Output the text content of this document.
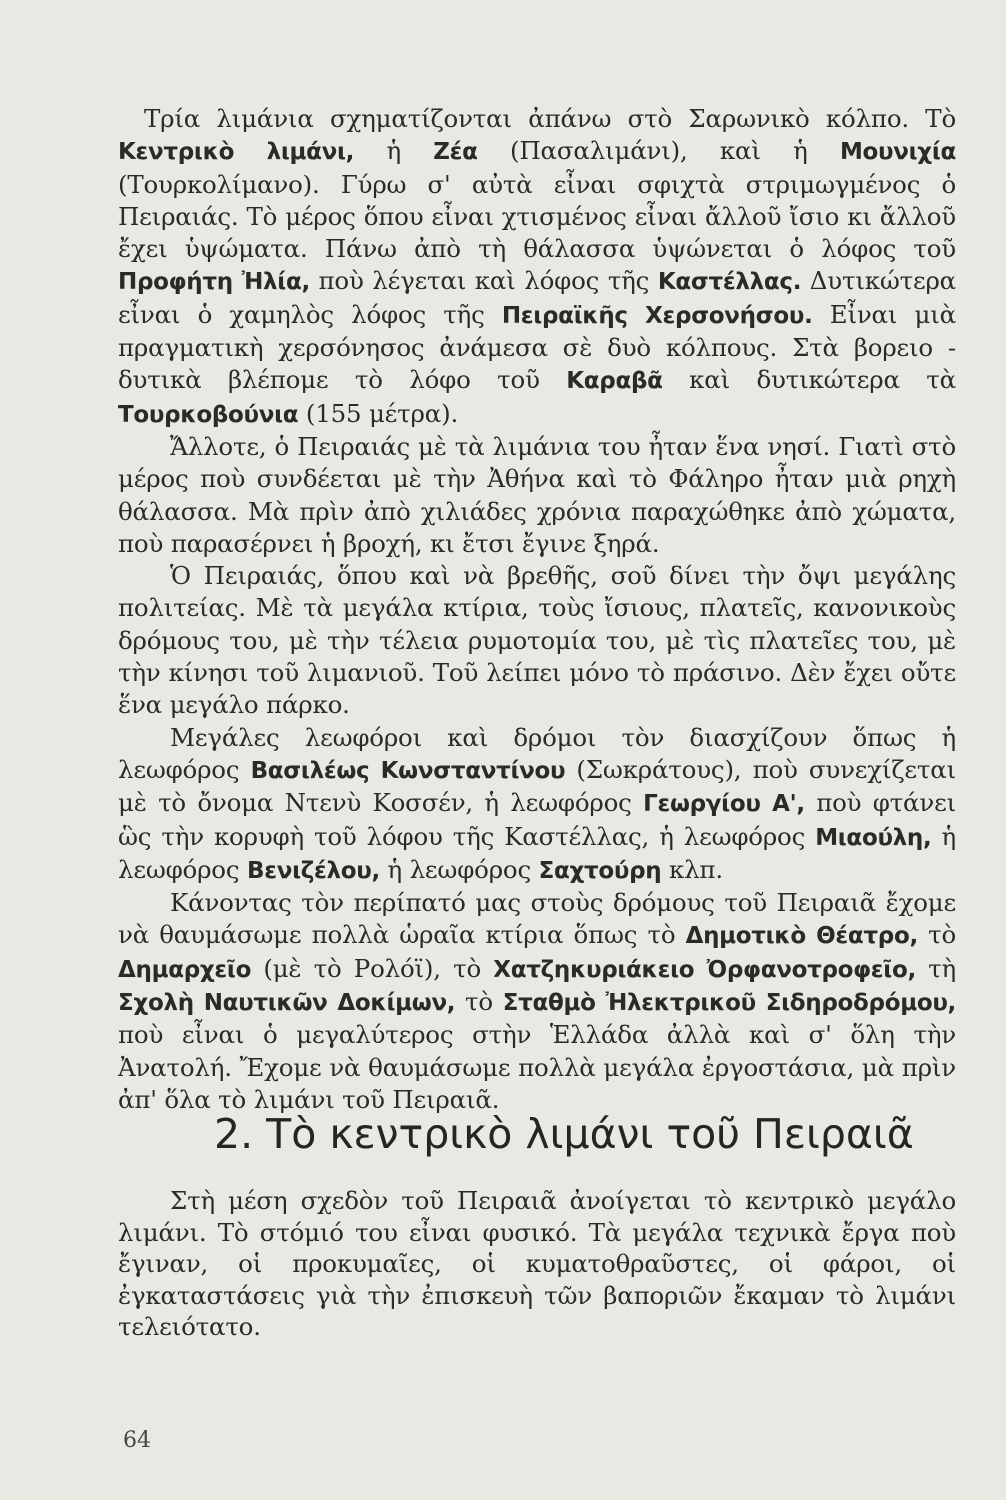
Τρία λιμάνια σχηματίζονται ἀπάνω στὸ Σαρωνικὸ κόλπο. Τὸ Κεντρικὸ λιμάνι, ἡ Ζέα (Πασαλιμάνι), καὶ ἡ Μουνιχία (Τουρκολίμανο). Γύρω σ' αὐτὰ εἶναι σφιχτὰ στριμωγμένος ὁ Πειραιάς. Τὸ μέρος ὅπου εἶναι χτισμένος εἶναι ἄλλοῦ ἴσιο κι ἄλλοῦ ἔχει ὑψώματα. Πάνω ἀπὸ τὴ θάλασσα ὑψώνεται ὁ λόφος τοῦ Προφήτη Ἠλία, ποὺ λέγεται καὶ λόφος τῆς Καστέλλας. Δυτικώτερα εἶναι ὁ χαμηλὸς λόφος τῆς Πειραϊκῆς Χερσονήσου. Εἶναι μιὰ πραγματικὴ χερσόνησος ἀνάμεσα σὲ δυὸ κόλπους. Στὰ βορειο - δυτικὰ βλέπομε τὸ λόφο τοῦ Καραβᾶ καὶ δυτικώτερα τὰ Τουρκοβούνια (155 μέτρα).

Ἄλλοτε, ὁ Πειραιάς μὲ τὰ λιμάνια του ἦταν ἕνα νησί. Γιατὶ στὸ μέρος ποὺ συνδέεται μὲ τὴν Ἀθήνα καὶ τὸ Φάληρο ἦταν μιὰ ρηχὴ θάλασσα. Μὰ πρὶν ἀπὸ χιλιάδες χρόνια παραχώθηκε ἀπὸ χώματα, ποὺ παρασέρνει ἡ βροχή, κι ἔτσι ἔγινε ξηρά.

Ὁ Πειραιάς, ὅπου καὶ νὰ βρεθῆς, σοῦ δίνει τὴν ὄψι μεγάλης πολιτείας. Μὲ τὰ μεγάλα κτίρια, τοὺς ἴσιους, πλατεῖς, κανονικοὺς δρόμους του, μὲ τὴν τέλεια ρυμοτομία του, μὲ τὶς πλατεῖες του, μὲ τὴν κίνησι τοῦ λιμανιοῦ. Τοῦ λείπει μόνο τὸ πράσινο. Δὲν ἔχει οὔτε ἕνα μεγάλο πάρκο.

Μεγάλες λεωφόροι καὶ δρόμοι τὸν διασχίζουν ὅπως ἡ λεωφόρος Βασιλέως Κωνσταντίνου (Σωκράτους), ποὺ συνεχίζεται μὲ τὸ ὄνομα Ντενὺ Κοσσέν, ἡ λεωφόρος Γεωργίου Α', ποὺ φτάνει ὣς τὴν κορυφὴ τοῦ λόφου τῆς Καστέλλας, ἡ λεωφόρος Μιαούλη, ἡ λεωφόρος Βενιζέλου, ἡ λεωφόρος Σαχτούρη κλπ.

Κάνοντας τὸν περίπατό μας στοὺς δρόμους τοῦ Πειραιᾶ ἔχομε νὰ θαυμάσωμε πολλὰ ὡραῖα κτίρια ὅπως τὸ Δημοτικὸ Θέατρο, τὸ Δημαρχεῖο (μὲ τὸ Ρολόϊ), τὸ Χατζηκυριάκειο Ὀρφανοτροφεῖο, τὴ Σχολὴ Ναυτικῶν Δοκίμων, τὸ Σταθμὸ Ἠλεκτρικοῦ Σιδηροδρόμου, ποὺ εἶναι ὁ μεγαλύτερος στὴν Ἑλλάδα ἀλλὰ καὶ σ' ὅλη τὴν Ἀνατολή. Ἔχομε νὰ θαυμάσωμε πολλὰ μεγάλα ἐργοστάσια, μὰ πρὶν ἀπ' ὅλα τὸ λιμάνι τοῦ Πειραιᾶ.

2. Τὸ κεντρικὸ λιμάνι τοῦ Πειραιᾶ

Στὴ μέση σχεδὸν τοῦ Πειραιᾶ ἀνοίγεται τὸ κεντρικὸ μεγάλο λιμάνι. Τὸ στόμιό του εἶναι φυσικό. Τὰ μεγάλα τεχνικὰ ἔργα ποὺ ἔγιναν, οἱ προκυμαῖες, οἱ κυματοθραῦστες, οἱ φάροι, οἱ ἐγκαταστάσεις γιὰ τὴν ἐπισκευὴ τῶν βαποριῶν ἔκαμαν τὸ λιμάνι τελειότατο.

64
